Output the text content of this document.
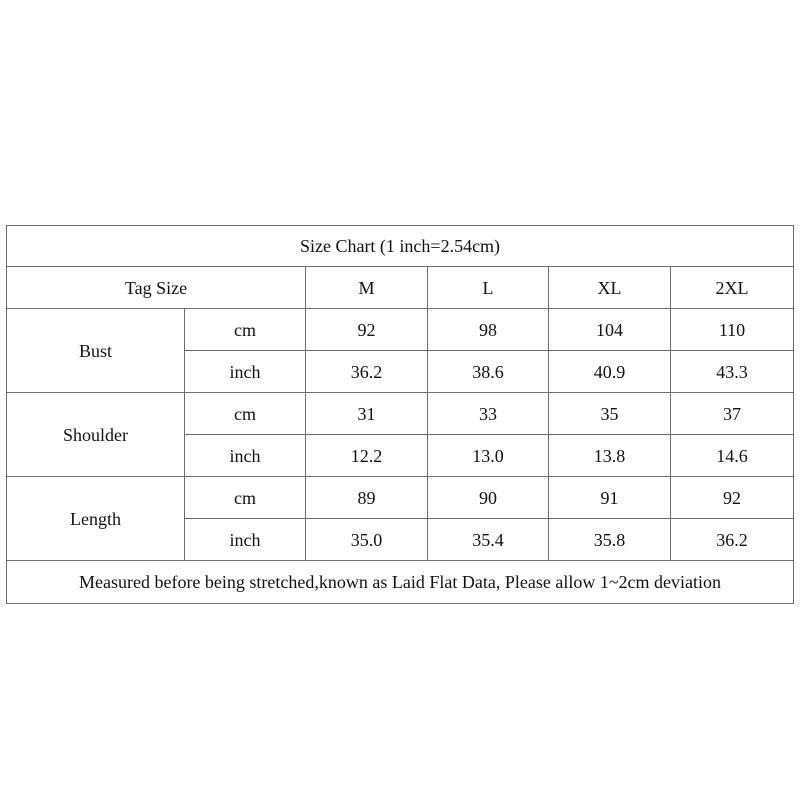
Size Chart (1 inch=2.54cm)					
Tag Size		M	L	XL	2XL
Bust	cm	92	98	104	110
	inch	36.2	38.6	40.9	43.3
Shoulder	cm	31	33	35	37
	inch	12.2	13.0	13.8	14.6
Length	cm	89	90	91	92
	inch	35.0	35.4	35.8	36.2
Measured before being stretched,known as Laid Flat Data, Please allow 1~2cm deviation					
